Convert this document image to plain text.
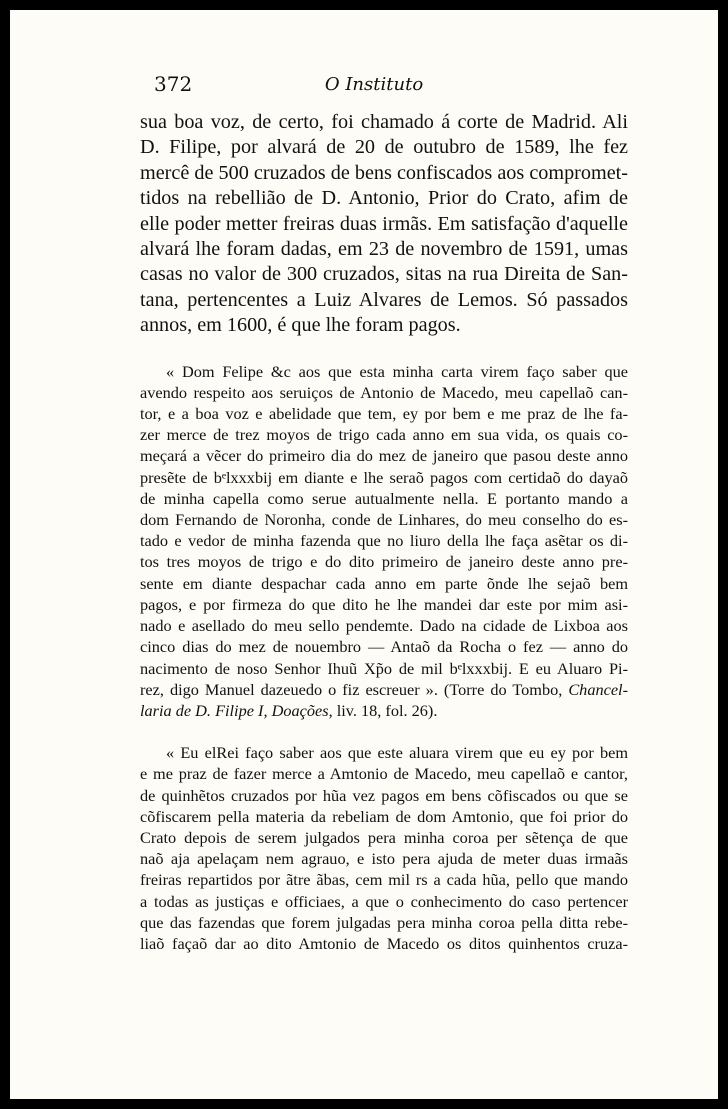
372	O Instituto

sua boa voz, de certo, foi chamado á corte de Madrid. Ali
D. Filipe, por alvará de 20 de outubro de 1589, lhe fez
mercê de 500 cruzados de bens confiscados aos compromet-
tidos na rebellião de D. Antonio, Prior do Crato, afim de
elle poder metter freiras duas irmãs. Em satisfação d'aquelle
alvará lhe foram dadas, em 23 de novembro de 1591, umas
casas no valor de 300 cruzados, sitas na rua Direita de San-
tana, pertencentes a Luiz Alvares de Lemos. Só passados
annos, em 1600, é que lhe foram pagos.

« Dom Felipe &c aos que esta minha carta virem faço saber que
avendo respeito aos seruiços de Antonio de Macedo, meu capellaõ can-
tor, e a boa voz e abelidade que tem, ey por bem e me praz de lhe fa-
zer merce de trez moyos de trigo cada anno em sua vida, os quais co-
meçará a vẽcer do primeiro dia do mez de janeiro que pasou deste anno
presẽte de bᵉlxxxbij em diante e lhe seraõ pagos com certidaõ do dayaõ
de minha capella como serue autualmente nella. E portanto mando a
dom Fernando de Noronha, conde de Linhares, do meu conselho do es-
tado e vedor de minha fazenda que no liuro della lhe faça asẽtar os di-
tos tres moyos de trigo e do dito primeiro de janeiro deste anno pre-
sente em diante despachar cada anno em parte õnde lhe sejaõ bem
pagos, e por firmeza do que dito he lhe mandei dar este por mim asi-
nado e asellado do meu sello pendemte. Dado na cidade de Lixboa aos
cinco dias do mez de nouembro — Antaõ da Rocha o fez — anno do
nacimento de noso Senhor Ihuũ Xp̃o de mil bᵉlxxxbij. E eu Aluaro Pi-
rez, digo Manuel dazeuedo o fiz escreuer ». (Torre do Tombo, Chancel-
laria de D. Filipe I, Doações, liv. 18, fol. 26).

« Eu elRei faço saber aos que este aluara virem que eu ey por bem
e me praz de fazer merce a Amtonio de Macedo, meu capellaõ e cantor,
de quinhẽtos cruzados por hũa vez pagos em bens cõfiscados ou que se
cõfiscarem pella materia da rebeliam de dom Amtonio, que foi prior do
Crato depois de serem julgados pera minha coroa per sẽtença de que
naõ aja apelaçam nem agrauo, e isto pera ajuda de meter duas irmaãs
freiras repartidos por ãtre ãbas, cem mil rs a cada hũa, pello que mando
a todas as justiças e officiaes, a que o conhecimento do caso pertencer
que das fazendas que forem julgadas pera minha coroa pella ditta rebe-
liaõ façaõ dar ao dito Amtonio de Macedo os ditos quinhentos cruza-
